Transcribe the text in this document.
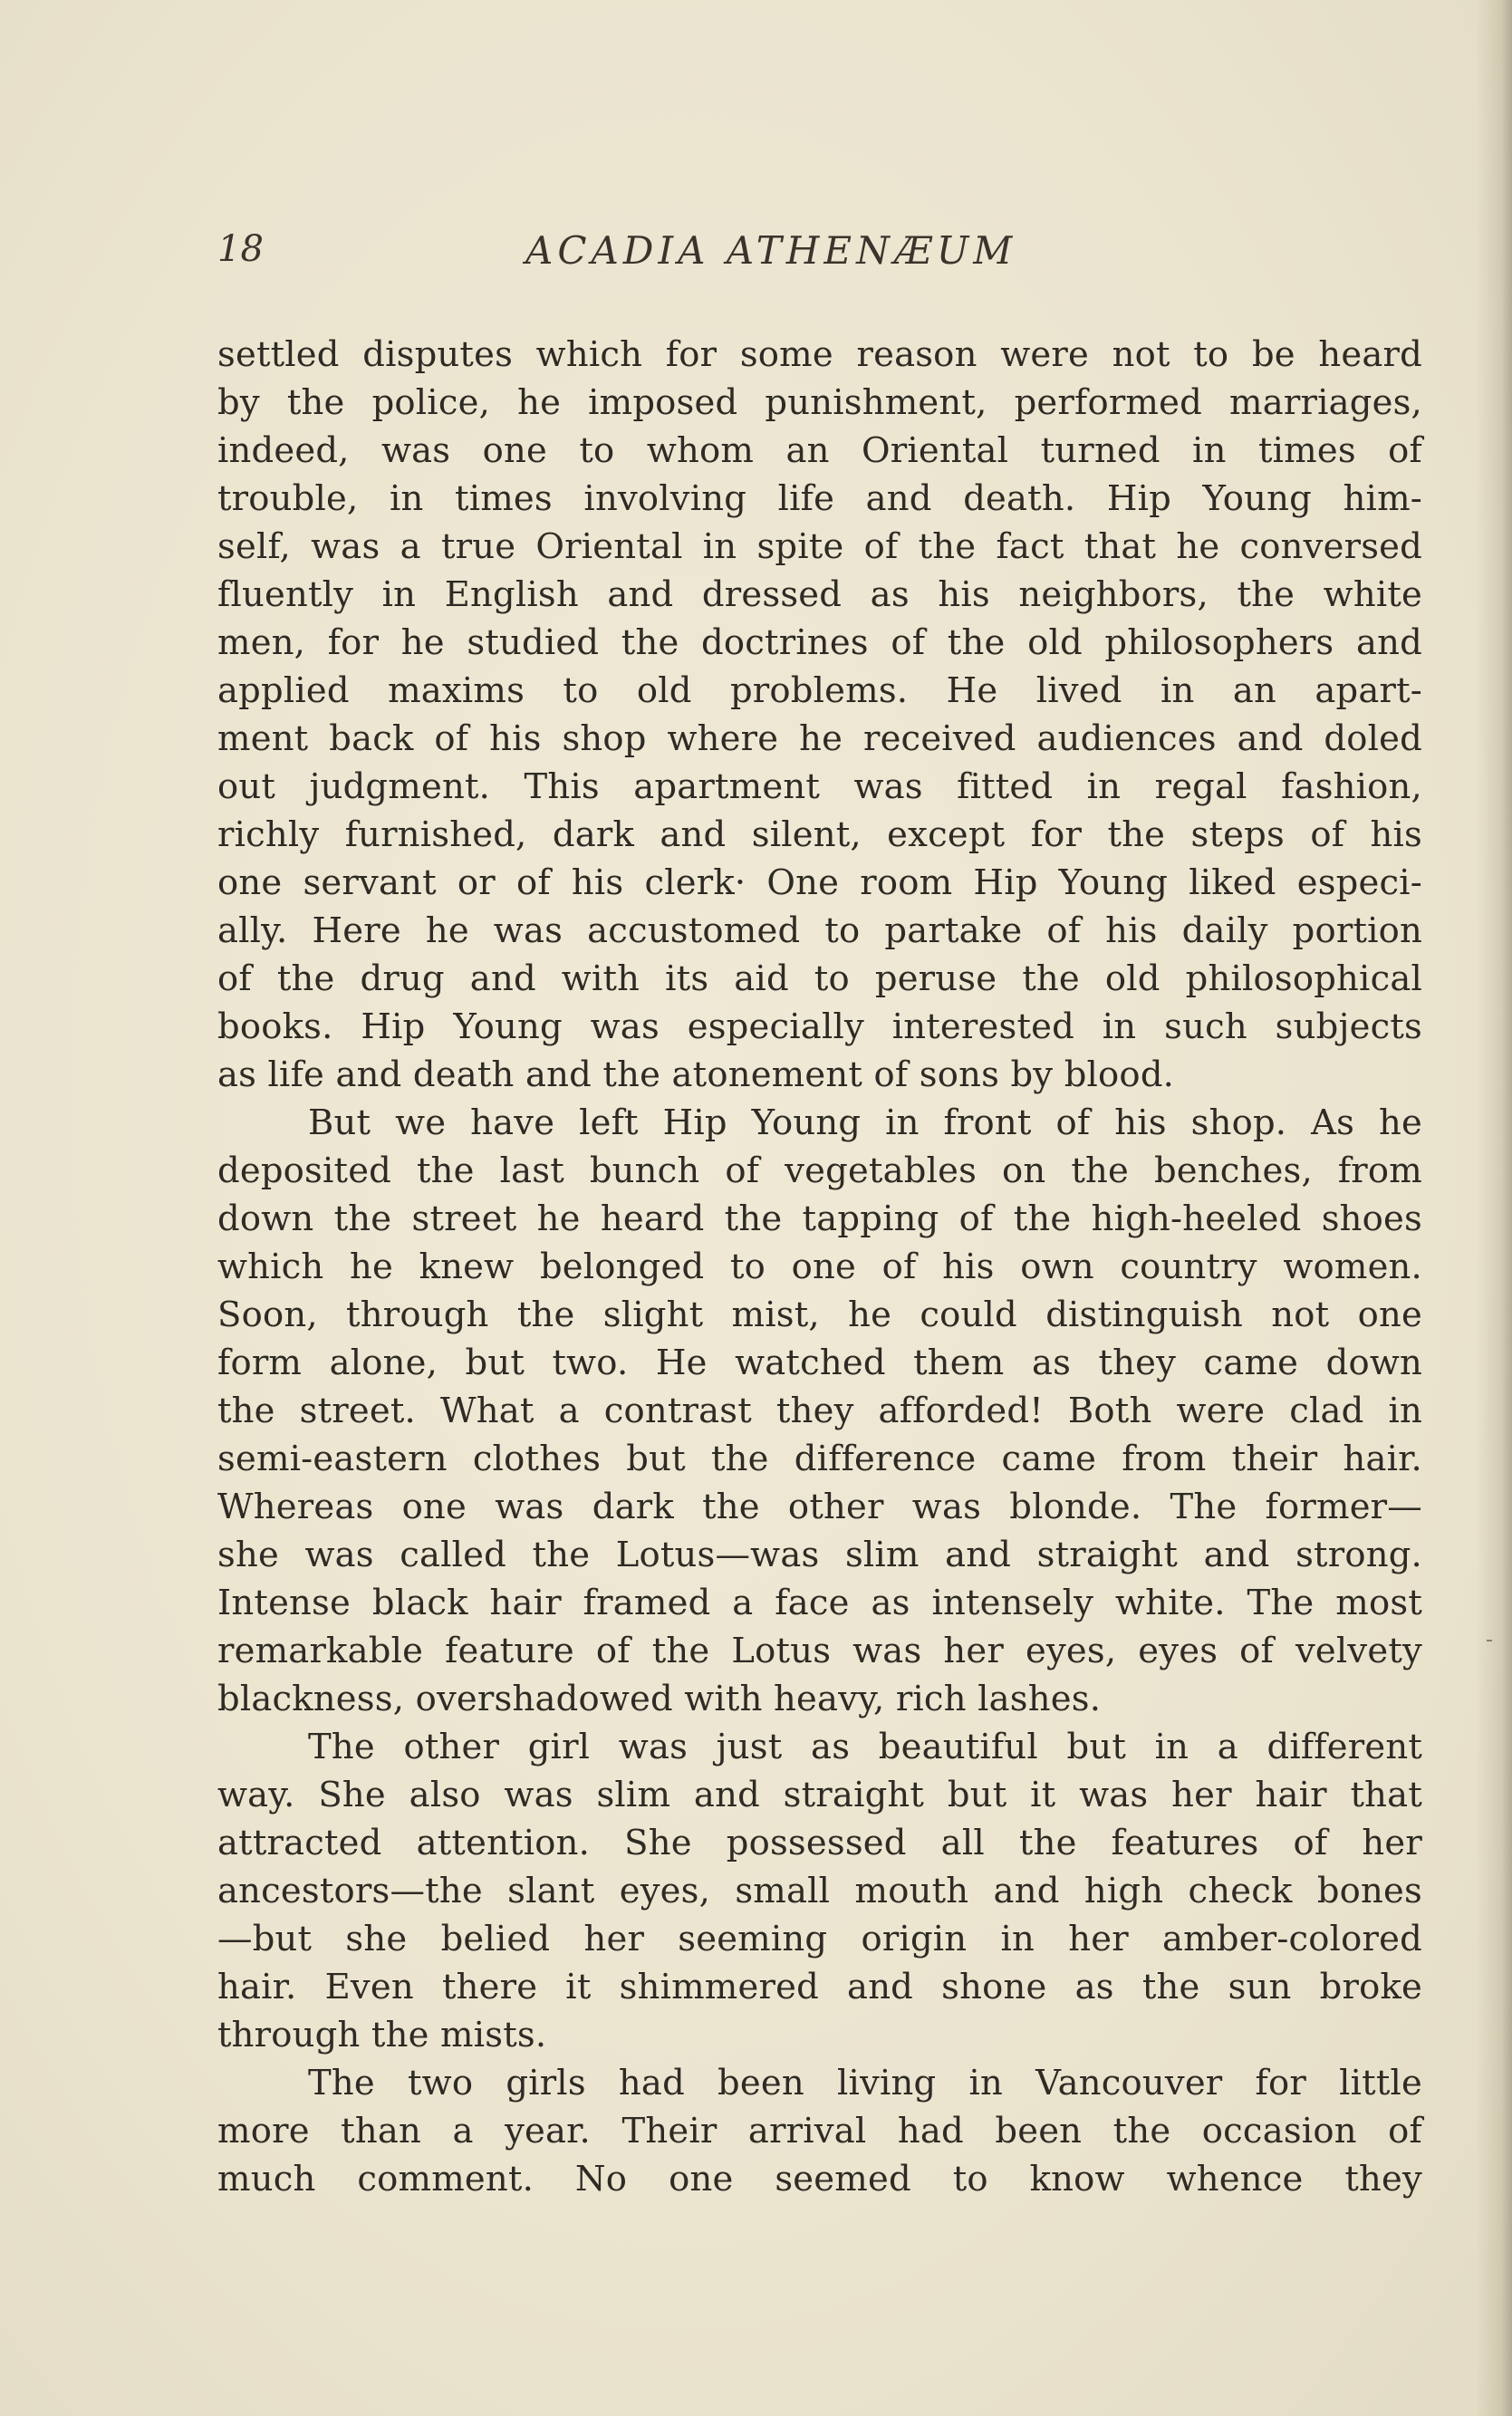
18	ACADIA ATHENÆUM
settled disputes which for some reason were not to be heard
by the police, he imposed punishment, performed marriages,
indeed, was one to whom an Oriental turned in times of
trouble, in times involving life and death. Hip Young him-
self, was a true Oriental in spite of the fact that he conversed
fluently in English and dressed as his neighbors, the white
men, for he studied the doctrines of the old philosophers and
applied maxims to old problems. He lived in an apart-
ment back of his shop where he received audiences and doled
out judgment. This apartment was fitted in regal fashion,
richly furnished, dark and silent, except for the steps of his
one servant or of his clerk· One room Hip Young liked especi-
ally. Here he was accustomed to partake of his daily portion
of the drug and with its aid to peruse the old philosophical
books. Hip Young was especially interested in such subjects
as life and death and the atonement of sons by blood.
But we have left Hip Young in front of his shop. As he
deposited the last bunch of vegetables on the benches, from
down the street he heard the tapping of the high-heeled shoes
which he knew belonged to one of his own country women.
Soon, through the slight mist, he could distinguish not one
form alone, but two. He watched them as they came down
the street. What a contrast they afforded! Both were clad in
semi-eastern clothes but the difference came from their hair.
Whereas one was dark the other was blonde. The former—
she was called the Lotus—was slim and straight and strong.
Intense black hair framed a face as intensely white. The most
remarkable feature of the Lotus was her eyes, eyes of velvety
blackness, overshadowed with heavy, rich lashes.
The other girl was just as beautiful but in a different
way. She also was slim and straight but it was her hair that
attracted attention. She possessed all the features of her
ancestors—the slant eyes, small mouth and high check bones
—but she belied her seeming origin in her amber-colored
hair. Even there it shimmered and shone as the sun broke
through the mists.
The two girls had been living in Vancouver for little
more than a year. Their arrival had been the occasion of
much comment. No one seemed to know whence they
